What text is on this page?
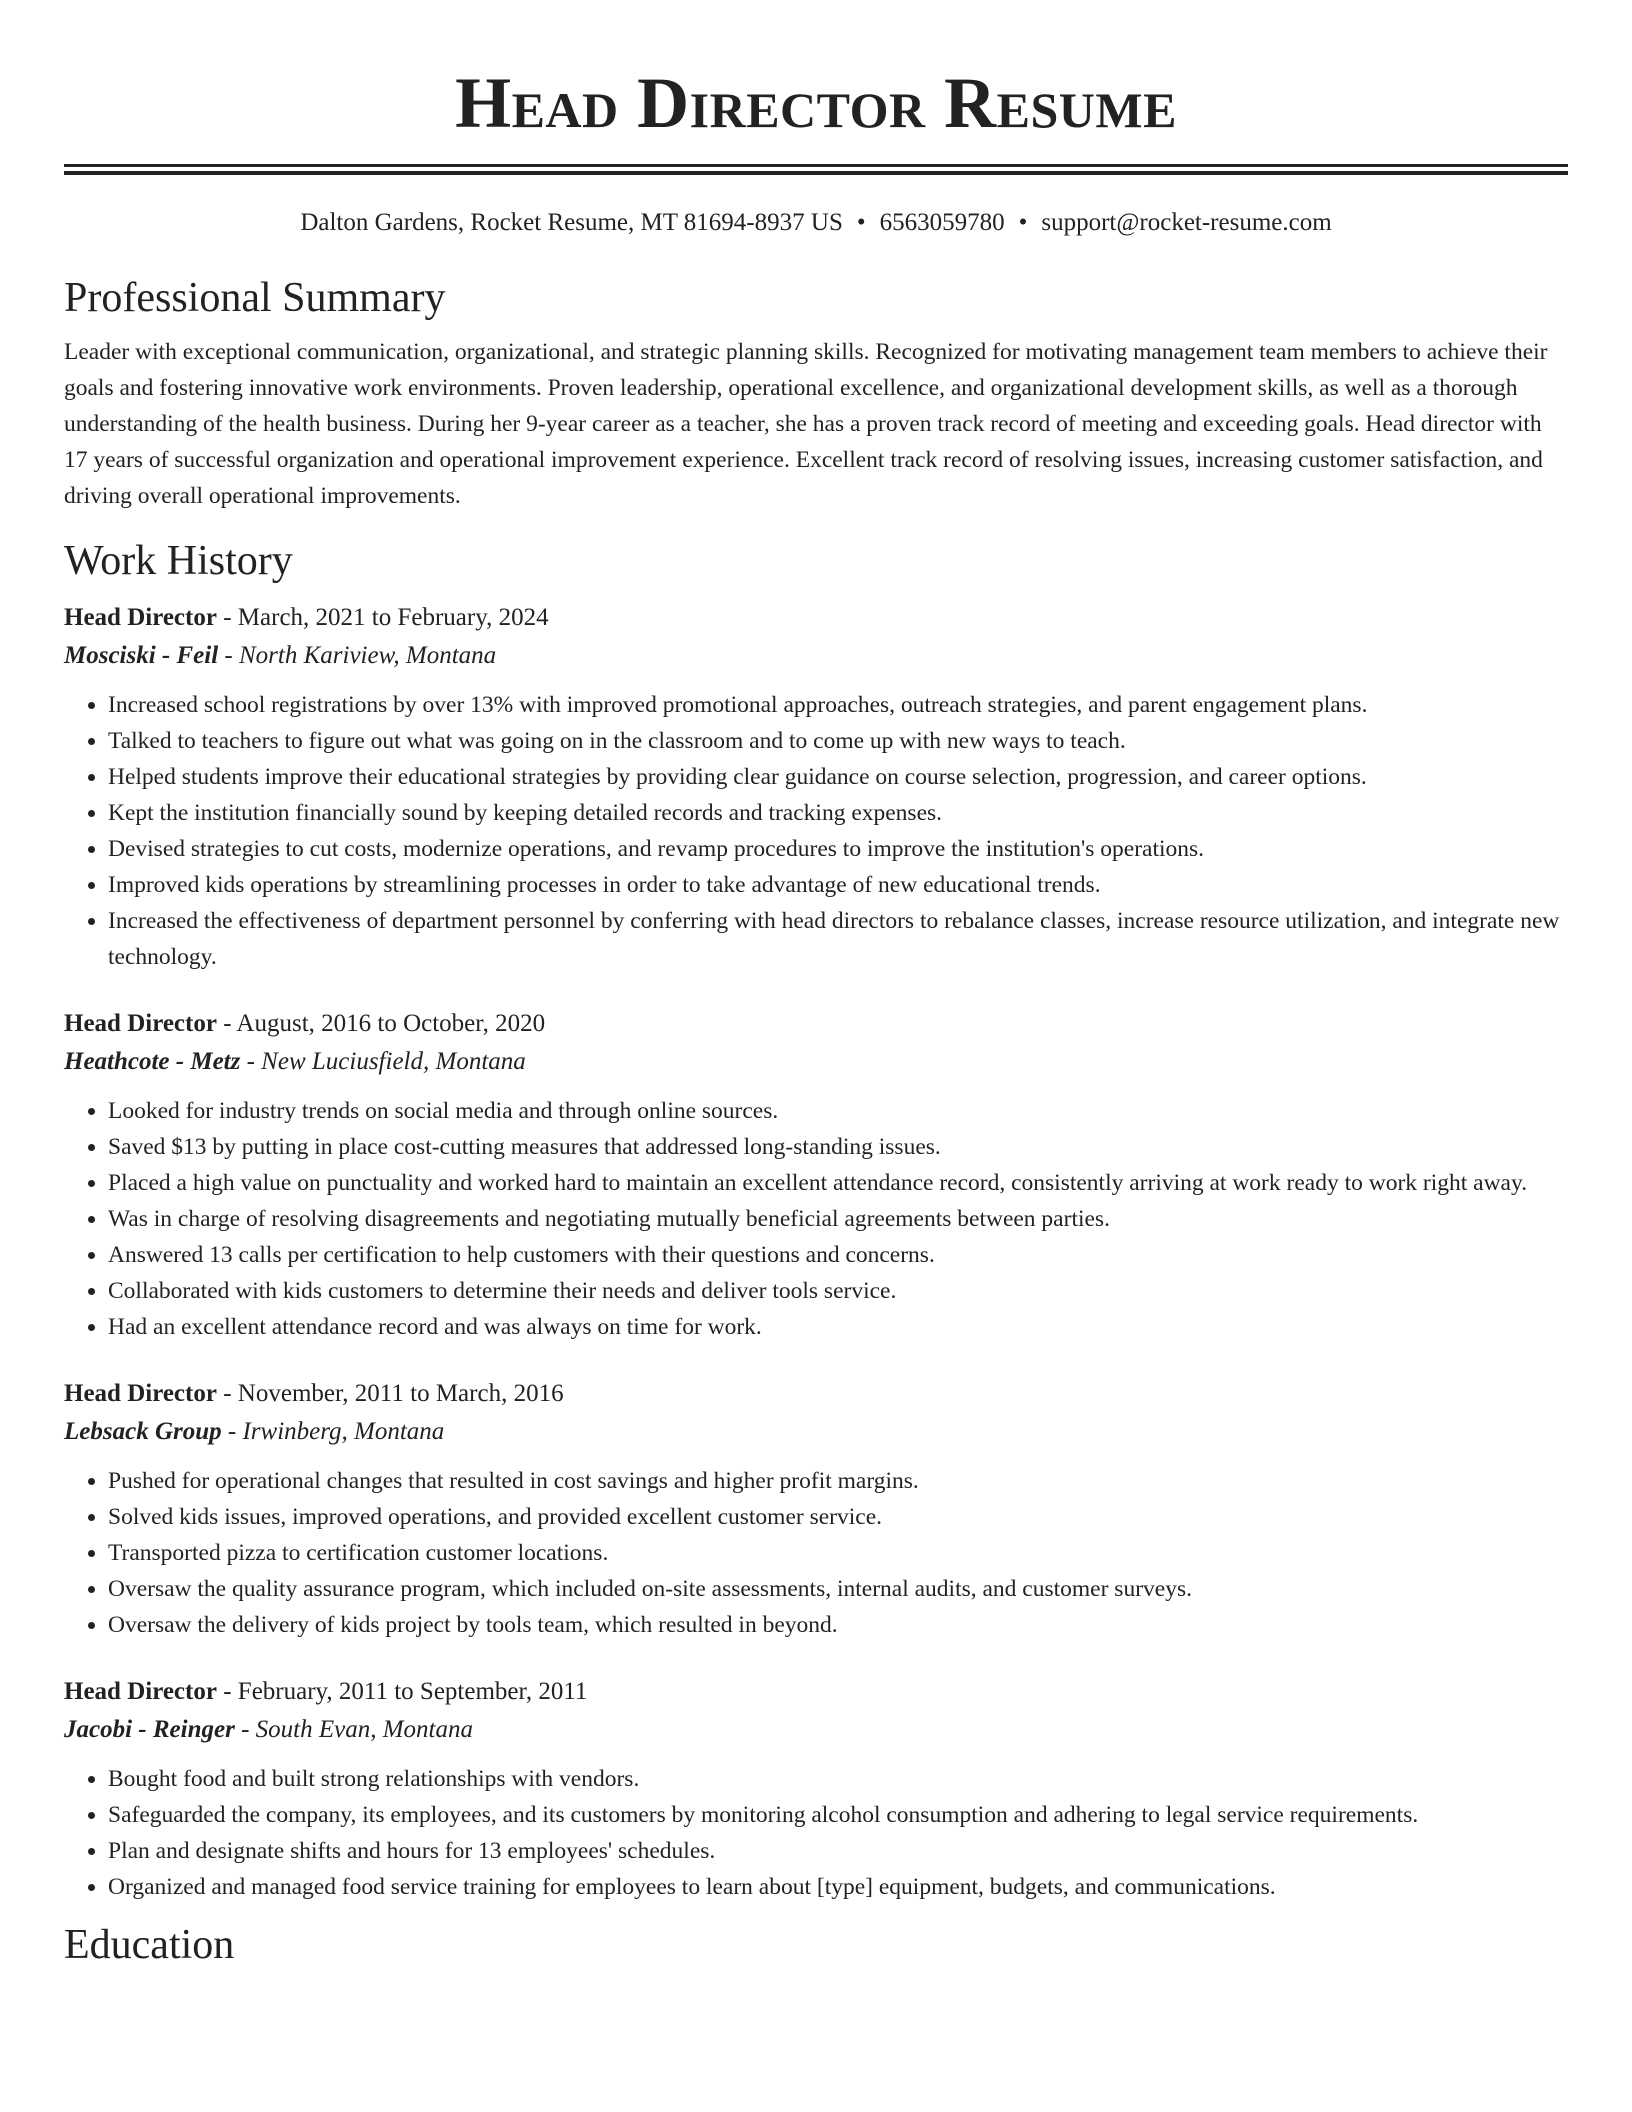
Head Director Resume
Dalton Gardens, Rocket Resume, MT 81694-8937 US • 6563059780 • support@rocket-resume.com
Professional Summary

Leader with exceptional communication, organizational, and strategic planning skills. Recognized for motivating management team members to achieve their goals and fostering innovative work environments. Proven leadership, operational excellence, and organizational development skills, as well as a thorough understanding of the health business. During her 9-year career as a teacher, she has a proven track record of meeting and exceeding goals. Head director with 17 years of successful organization and operational improvement experience. Excellent track record of resolving issues, increasing customer satisfaction, and driving overall operational improvements.

Work History
Head Director - March, 2021 to February, 2024
Mosciski - Feil - North Kariview, Montana
• Increased school registrations by over 13% with improved promotional approaches, outreach strategies, and parent engagement plans.
• Talked to teachers to figure out what was going on in the classroom and to come up with new ways to teach.
• Helped students improve their educational strategies by providing clear guidance on course selection, progression, and career options.
• Kept the institution financially sound by keeping detailed records and tracking expenses.
• Devised strategies to cut costs, modernize operations, and revamp procedures to improve the institution's operations.
• Improved kids operations by streamlining processes in order to take advantage of new educational trends.
• Increased the effectiveness of department personnel by conferring with head directors to rebalance classes, increase resource utilization, and integrate new technology.
Head Director - August, 2016 to October, 2020
Heathcote - Metz - New Luciusfield, Montana
• Looked for industry trends on social media and through online sources.
• Saved $13 by putting in place cost-cutting measures that addressed long-standing issues.
• Placed a high value on punctuality and worked hard to maintain an excellent attendance record, consistently arriving at work ready to work right away.
• Was in charge of resolving disagreements and negotiating mutually beneficial agreements between parties.
• Answered 13 calls per certification to help customers with their questions and concerns.
• Collaborated with kids customers to determine their needs and deliver tools service.
• Had an excellent attendance record and was always on time for work.
Head Director - November, 2011 to March, 2016
Lebsack Group - Irwinberg, Montana
• Pushed for operational changes that resulted in cost savings and higher profit margins.
• Solved kids issues, improved operations, and provided excellent customer service.
• Transported pizza to certification customer locations.
• Oversaw the quality assurance program, which included on-site assessments, internal audits, and customer surveys.
• Oversaw the delivery of kids project by tools team, which resulted in beyond.
Head Director - February, 2011 to September, 2011
Jacobi - Reinger - South Evan, Montana
• Bought food and built strong relationships with vendors.
• Safeguarded the company, its employees, and its customers by monitoring alcohol consumption and adhering to legal service requirements.
• Plan and designate shifts and hours for 13 employees' schedules.
• Organized and managed food service training for employees to learn about [type] equipment, budgets, and communications.
Education
